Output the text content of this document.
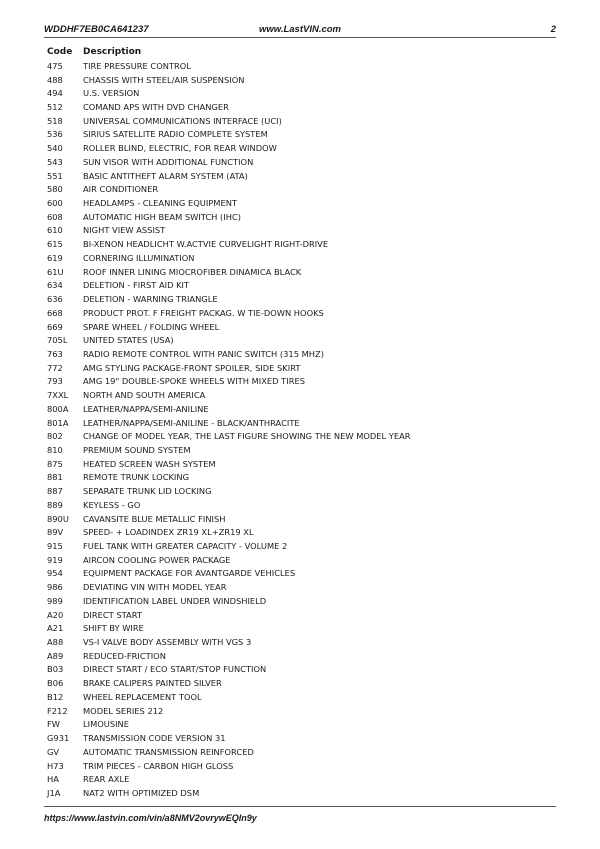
WDDHF7EB0CA641237	www.LastVIN.com	2
Code	Description
475	TIRE PRESSURE CONTROL
488	CHASSIS WITH STEEL/AIR SUSPENSION
494	U.S. VERSION
512	COMAND APS WITH DVD CHANGER
518	UNIVERSAL COMMUNICATIONS INTERFACE (UCI)
536	SIRIUS SATELLITE RADIO COMPLETE SYSTEM
540	ROLLER BLIND, ELECTRIC, FOR REAR WINDOW
543	SUN VISOR WITH ADDITIONAL FUNCTION
551	BASIC ANTITHEFT ALARM SYSTEM (ATA)
580	AIR CONDITIONER
600	HEADLAMPS - CLEANING EQUIPMENT
608	AUTOMATIC HIGH BEAM SWITCH (IHC)
610	NIGHT VIEW ASSIST
615	BI-XENON HEADLICHT W.ACTVIE CURVELIGHT RIGHT-DRIVE
619	CORNERING ILLUMINATION
61U	ROOF INNER LINING MIOCROFIBER DINAMICA BLACK
634	DELETION - FIRST AID KIT
636	DELETION - WARNING TRIANGLE
668	PRODUCT PROT. F FREIGHT PACKAG. W TIE-DOWN HOOKS
669	SPARE WHEEL / FOLDING WHEEL
705L	UNITED STATES (USA)
763	RADIO REMOTE CONTROL WITH PANIC SWITCH (315 MHZ)
772	AMG STYLING PACKAGE-FRONT SPOILER, SIDE SKIRT
793	AMG 19" DOUBLE-SPOKE WHEELS WITH MIXED TIRES
7XXL	NORTH AND SOUTH AMERICA
800A	LEATHER/NAPPA/SEMI-ANILINE
801A	LEATHER/NAPPA/SEMI-ANILINE - BLACK/ANTHRACITE
802	CHANGE OF MODEL YEAR, THE LAST FIGURE SHOWING THE NEW MODEL YEAR
810	PREMIUM SOUND SYSTEM
875	HEATED SCREEN WASH SYSTEM
881	REMOTE TRUNK LOCKING
887	SEPARATE TRUNK LID LOCKING
889	KEYLESS - GO
890U	CAVANSITE BLUE METALLIC FINISH
89V	SPEED- + LOADINDEX ZR19 XL+ZR19 XL
915	FUEL TANK WITH GREATER CAPACITY - VOLUME 2
919	AIRCON COOLING POWER PACKAGE
954	EQUIPMENT PACKAGE FOR AVANTGARDE VEHICLES
986	DEVIATING VIN WITH MODEL YEAR
989	IDENTIFICATION LABEL UNDER WINDSHIELD
A20	DIRECT START
A21	SHIFT BY WIRE
A88	VS-I VALVE BODY ASSEMBLY WITH VGS 3
A89	REDUCED-FRICTION
B03	DIRECT START / ECO START/STOP FUNCTION
B06	BRAKE CALIPERS PAINTED SILVER
B12	WHEEL REPLACEMENT TOOL
F212	MODEL SERIES 212
FW	LIMOUSINE
G931	TRANSMISSION CODE VERSION 31
GV	AUTOMATIC TRANSMISSION REINFORCED
H73	TRIM PIECES - CARBON HIGH GLOSS
HA	REAR AXLE
J1A	NAT2 WITH OPTIMIZED DSM
https://www.lastvin.com/vin/a8NMV2ovrywEQIn9y
